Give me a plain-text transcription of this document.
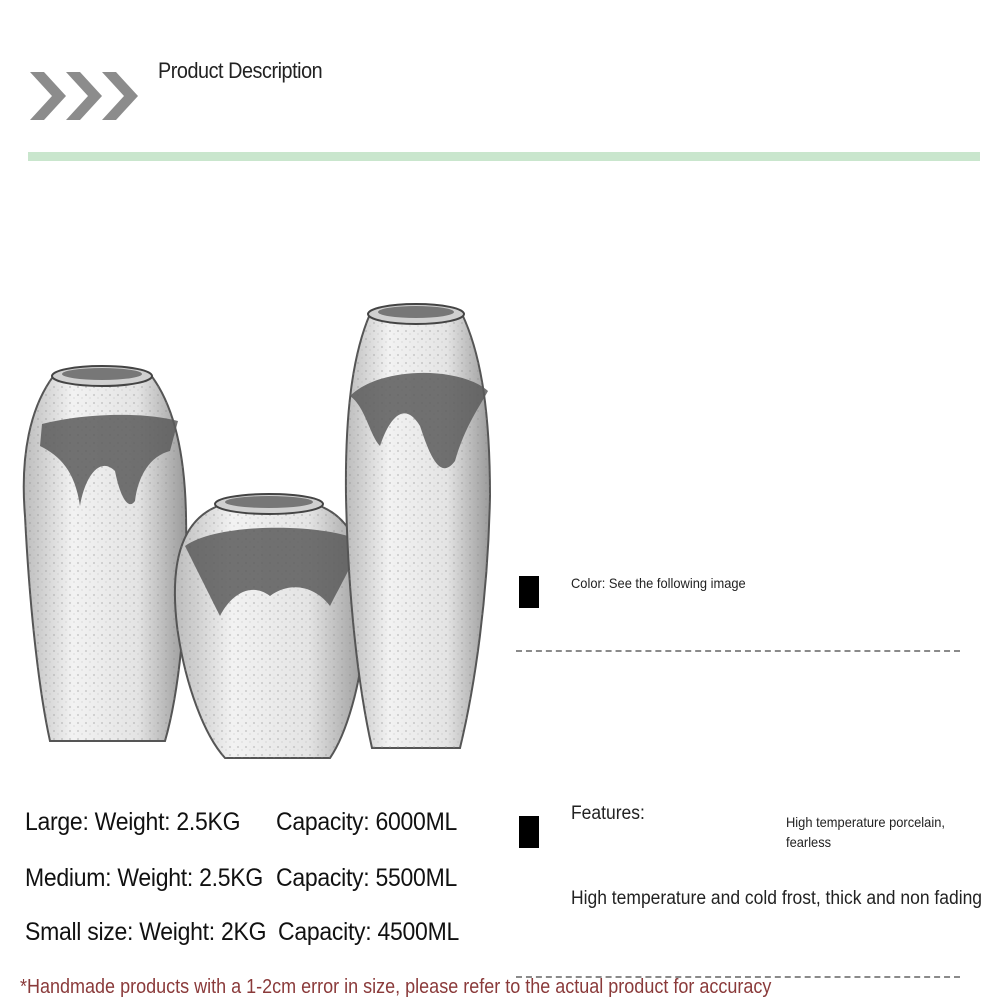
Product Description
Large: Weight: 2.5KG Capacity: 6000ML
Medium: Weight: 2.5KG Capacity: 5500ML
Small size: Weight: 2KG Capacity: 4500ML
Color: See the following image
Features:	High temperature porcelain, fearless
High temperature and cold frost, thick and non fading
*Handmade products with a 1-2cm error in size, please refer to the actual product for accuracy
